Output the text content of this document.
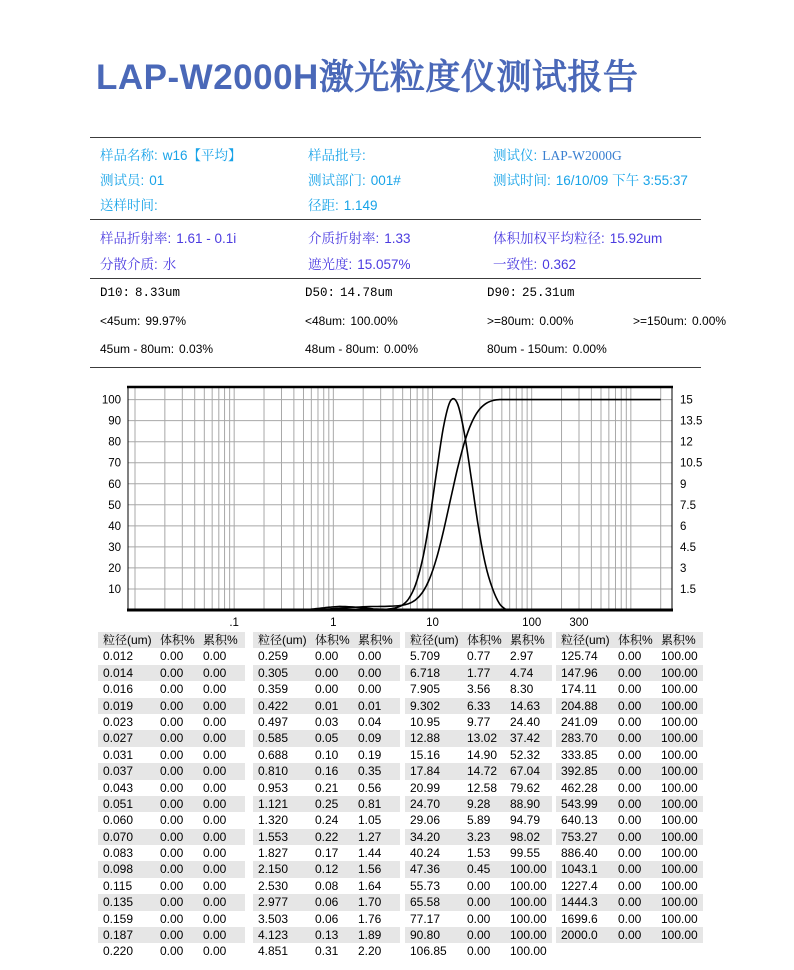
LAP-W2000H激光粒度仪测试报告
样品名称: w16【平均】	样品批号:	测试仪: LAP-W2000G
测试员: 01	测试部门: 001#	测试时间: 16/10/09 下午 3:55:37
送样时间:	径距: 1.149
样品折射率: 1.61 - 0.1i	介质折射率: 1.33	体积加权平均粒径: 15.92um
分散介质: 水	遮光度: 15.057%	一致性: 0.362
D10: 8.33um	D50: 14.78um	D90: 25.31um
<45um: 99.97%	<48um: 100.00%	>=80um: 0.00%	>=150um: 0.00%
45um - 80um: 0.03%	48um - 80um: 0.00%	80um - 150um: 0.00%
10
20
30
40
50
60
70
80
90
100
1.5
3
4.5
6
7.5
9
10.5
12
13.5
15
.1	1	10	100 300
粒径(um) 体积% 累积%
0.012	0.00	0.00
0.014	0.00	0.00
0.016	0.00	0.00
0.019	0.00	0.00
0.023	0.00	0.00
0.027	0.00	0.00
0.031	0.00	0.00
0.037	0.00	0.00
0.043	0.00	0.00
0.051	0.00	0.00
0.060	0.00	0.00
0.070	0.00	0.00
0.083	0.00	0.00
0.098	0.00	0.00
0.115	0.00	0.00
0.135	0.00	0.00
0.159	0.00	0.00
0.187	0.00	0.00
0.220	0.00	0.00
粒径(um) 体积% 累积%
0.259	0.00	0.00
0.305	0.00	0.00
0.359	0.00	0.00
0.422	0.01	0.01
0.497	0.03	0.04
0.585	0.05	0.09
0.688	0.10	0.19
0.810	0.16	0.35
0.953	0.21	0.56
1.121	0.25	0.81
1.320	0.24	1.05
1.553	0.22	1.27
1.827	0.17	1.44
2.150	0.12	1.56
2.530	0.08	1.64
2.977	0.06	1.70
3.503	0.06	1.76
4.123	0.13	1.89
4.851	0.31	2.20
粒径(um) 体积% 累积%
5.709	0.77	2.97
6.718	1.77	4.74
7.905	3.56	8.30
9.302	6.33	14.63
10.95	9.77	24.40
12.88	13.02	37.42
15.16	14.90	52.32
17.84	14.72	67.04
20.99	12.58	79.62
24.70	9.28	88.90
29.06	5.89	94.79
34.20	3.23	98.02
40.24	1.53	99.55
47.36	0.45	100.00
55.73	0.00	100.00
65.58	0.00	100.00
77.17	0.00	100.00
90.80	0.00	100.00
106.85	0.00	100.00
粒径(um) 体积% 累积%
125.74	0.00	100.00
147.96	0.00	100.00
174.11	0.00	100.00
204.88	0.00	100.00
241.09	0.00	100.00
283.70	0.00	100.00
333.85	0.00	100.00
392.85	0.00	100.00
462.28	0.00	100.00
543.99	0.00	100.00
640.13	0.00	100.00
753.27	0.00	100.00
886.40	0.00	100.00
1043.1	0.00	100.00
1227.4	0.00	100.00
1444.3	0.00	100.00
1699.6	0.00	100.00
2000.0	0.00	100.00
